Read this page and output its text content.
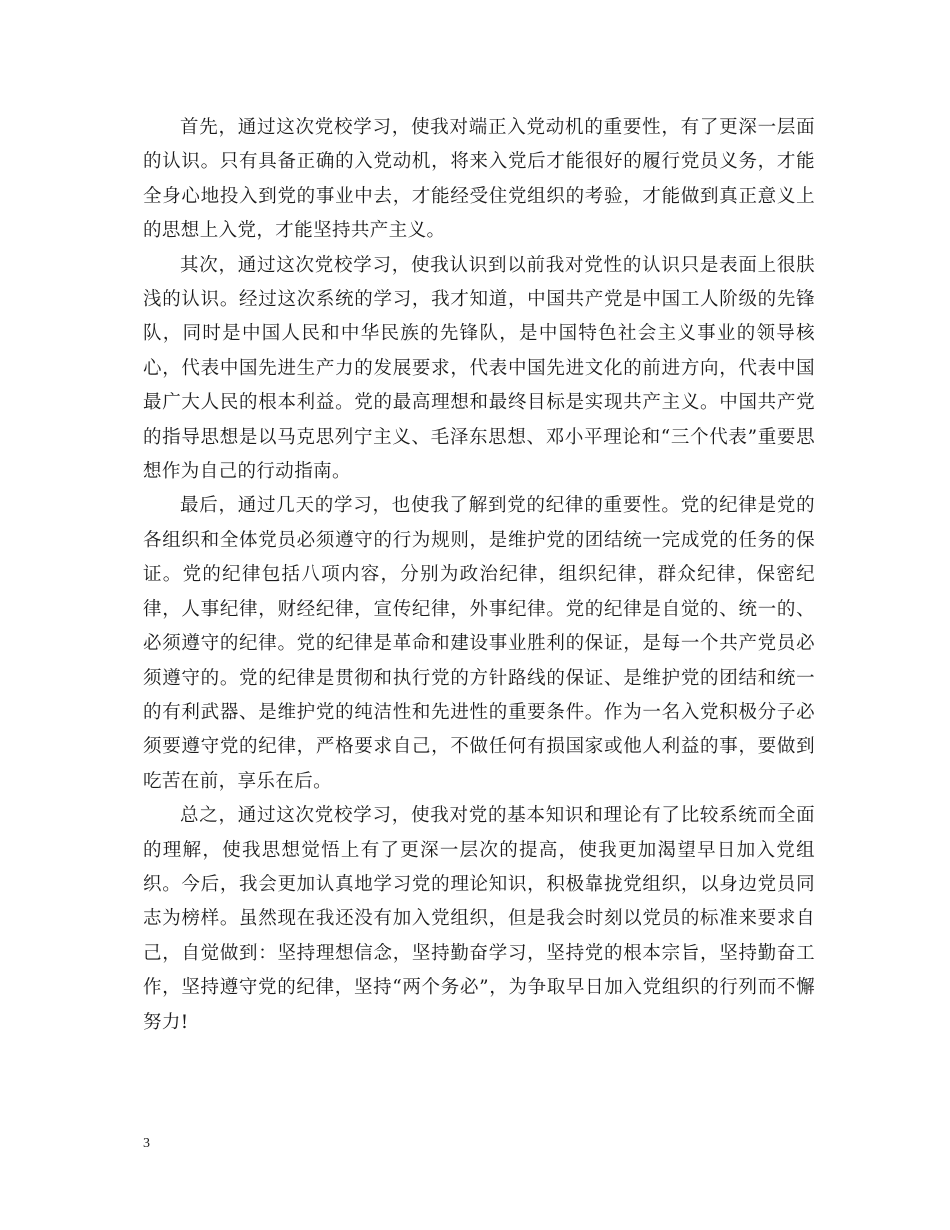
首先，通过这次党校学习，使我对端正入党动机的重要性，有了更深一层面的认识。只有具备正确的入党动机，将来入党后才能很好的履行党员义务，才能全身心地投入到党的事业中去，才能经受住党组织的考验，才能做到真正意义上的思想上入党，才能坚持共产主义。

其次，通过这次党校学习，使我认识到以前我对党性的认识只是表面上很肤浅的认识。经过这次系统的学习，我才知道，中国共产党是中国工人阶级的先锋队，同时是中国人民和中华民族的先锋队，是中国特色社会主义事业的领导核心，代表中国先进生产力的发展要求，代表中国先进文化的前进方向，代表中国最广大人民的根本利益。党的最高理想和最终目标是实现共产主义。中国共产党的指导思想是以马克思列宁主义、毛泽东思想、邓小平理论和“三个代表”重要思想作为自己的行动指南。

最后，通过几天的学习，也使我了解到党的纪律的重要性。党的纪律是党的各组织和全体党员必须遵守的行为规则，是维护党的团结统一完成党的任务的保证。党的纪律包括八项内容，分别为政治纪律，组织纪律，群众纪律，保密纪律，人事纪律，财经纪律，宣传纪律，外事纪律。党的纪律是自觉的、统一的、必须遵守的纪律。党的纪律是革命和建设事业胜利的保证，是每一个共产党员必须遵守的。党的纪律是贯彻和执行党的方针路线的保证、是维护党的团结和统一的有利武器、是维护党的纯洁性和先进性的重要条件。作为一名入党积极分子必须要遵守党的纪律，严格要求自己，不做任何有损国家或他人利益的事，要做到吃苦在前，享乐在后。

总之，通过这次党校学习，使我对党的基本知识和理论有了比较系统而全面的理解，使我思想觉悟上有了更深一层次的提高，使我更加渴望早日加入党组织。今后，我会更加认真地学习党的理论知识，积极靠拢党组织，以身边党员同志为榜样。虽然现在我还没有加入党组织，但是我会时刻以党员的标准来要求自己，自觉做到：坚持理想信念，坚持勤奋学习，坚持党的根本宗旨，坚持勤奋工作，坚持遵守党的纪律，坚持“两个务必”，为争取早日加入党组织的行列而不懈努力!

3
